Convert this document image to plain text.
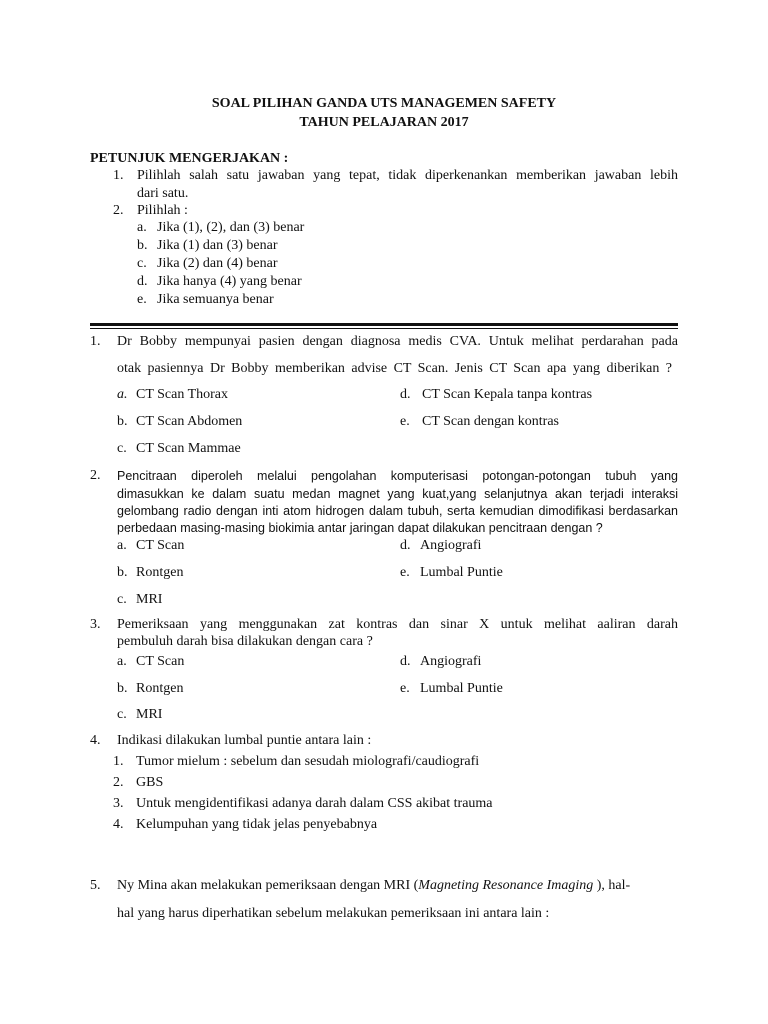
SOAL PILIHAN GANDA UTS MANAGEMEN SAFETY
TAHUN PELAJARAN 2017
PETUNJUK MENGERJAKAN :
1. Pilihlah salah satu jawaban yang tepat, tidak diperkenankan memberikan jawaban lebih
dari satu.
2. Pilihlah :
a. Jika (1), (2), dan (3) benar
b. Jika (1) dan (3) benar
c. Jika (2) dan (4) benar
d. Jika hanya (4) yang benar
e. Jika semuanya benar
1. Dr Bobby mempunyai pasien dengan diagnosa medis CVA. Untuk melihat perdarahan pada
otak pasiennya Dr Bobby memberikan advise CT Scan. Jenis CT Scan apa yang diberikan ?
a. CT Scan Thorax
b. CT Scan Abdomen
c. CT Scan Mammae
d. CT Scan Kepala tanpa kontras
e. CT Scan dengan kontras
2. Pencitraan diperoleh melalui pengolahan komputerisasi potongan-potongan tubuh yang
dimasukkan ke dalam suatu medan magnet yang kuat,yang selanjutnya akan terjadi interaksi
gelombang radio dengan inti atom hidrogen dalam tubuh, serta kemudian dimodifikasi berdasarkan
perbedaan masing-masing biokimia antar jaringan dapat dilakukan pencitraan dengan ?
a. CT Scan
b. Rontgen
c. MRI
d. Angiografi
e. Lumbal Puntie
3. Pemeriksaan yang menggunakan zat kontras dan sinar X untuk melihat aaliran darah
pembuluh darah bisa dilakukan dengan cara ?
a. CT Scan
b. Rontgen
c. MRI
d. Angiografi
e. Lumbal Puntie
4. Indikasi dilakukan lumbal puntie antara lain :
1. Tumor mielum : sebelum dan sesudah miolografi/caudiografi
2. GBS
3. Untuk mengidentifikasi adanya darah dalam CSS akibat trauma
4. Kelumpuhan yang tidak jelas penyebabnya
5. Ny Mina akan melakukan pemeriksaan dengan MRI (Magneting Resonance Imaging ), hal-
hal yang harus diperhatikan sebelum melakukan pemeriksaan ini antara lain :
